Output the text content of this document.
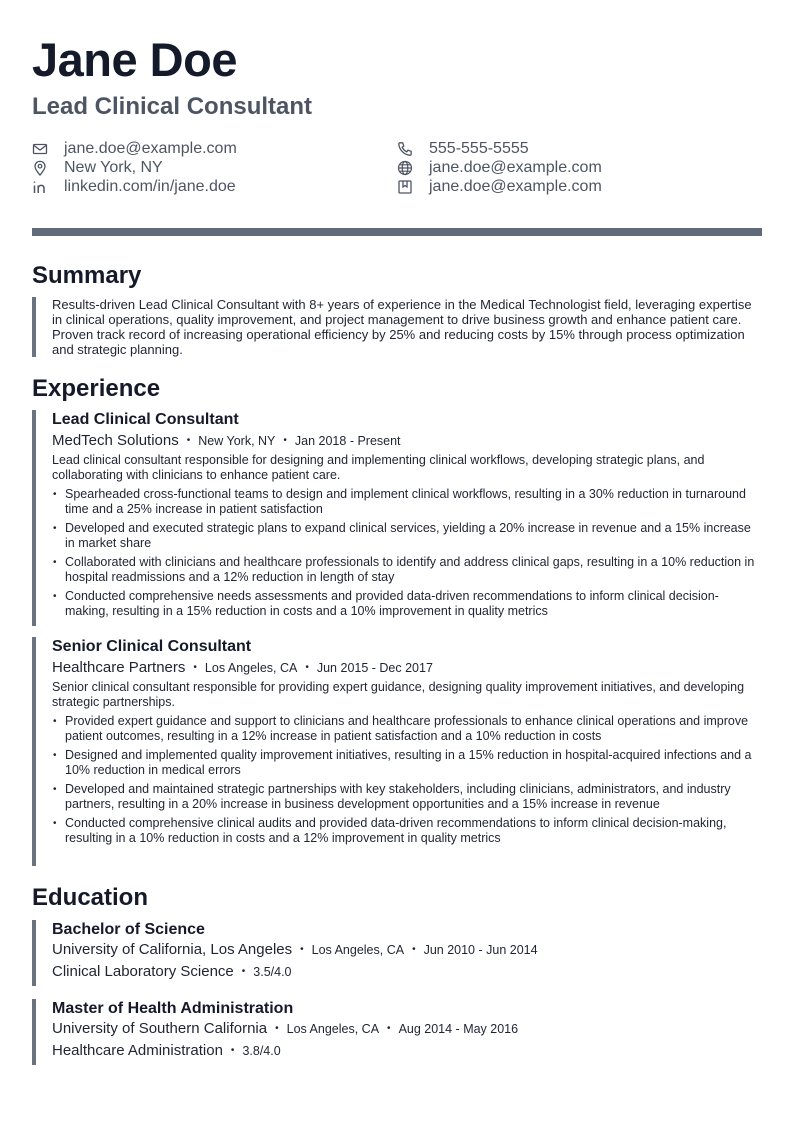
Jane Doe
Lead Clinical Consultant
jane.doe@example.com	555-555-5555
New York, NY	jane.doe@example.com
linkedin.com/in/jane.doe	jane.doe@example.com
Summary
Results-driven Lead Clinical Consultant with 8+ years of experience in the Medical Technologist field, leveraging expertise in clinical operations, quality improvement, and project management to drive business growth and enhance patient care. Proven track record of increasing operational efficiency by 25% and reducing costs by 15% through process optimization and strategic planning.
Experience
Lead Clinical Consultant
MedTech Solutions • New York, NY • Jan 2018 - Present
Lead clinical consultant responsible for designing and implementing clinical workflows, developing strategic plans, and collaborating with clinicians to enhance patient care.
• Spearheaded cross-functional teams to design and implement clinical workflows, resulting in a 30% reduction in turnaround time and a 25% increase in patient satisfaction
• Developed and executed strategic plans to expand clinical services, yielding a 20% increase in revenue and a 15% increase in market share
• Collaborated with clinicians and healthcare professionals to identify and address clinical gaps, resulting in a 10% reduction in hospital readmissions and a 12% reduction in length of stay
• Conducted comprehensive needs assessments and provided data-driven recommendations to inform clinical decision-making, resulting in a 15% reduction in costs and a 10% improvement in quality metrics
Senior Clinical Consultant
Healthcare Partners • Los Angeles, CA • Jun 2015 - Dec 2017
Senior clinical consultant responsible for providing expert guidance, designing quality improvement initiatives, and developing strategic partnerships.
• Provided expert guidance and support to clinicians and healthcare professionals to enhance clinical operations and improve patient outcomes, resulting in a 12% increase in patient satisfaction and a 10% reduction in costs
• Designed and implemented quality improvement initiatives, resulting in a 15% reduction in hospital-acquired infections and a 10% reduction in medical errors
• Developed and maintained strategic partnerships with key stakeholders, including clinicians, administrators, and industry partners, resulting in a 20% increase in business development opportunities and a 15% increase in revenue
• Conducted comprehensive clinical audits and provided data-driven recommendations to inform clinical decision-making, resulting in a 10% reduction in costs and a 12% improvement in quality metrics
Education
Bachelor of Science
University of California, Los Angeles • Los Angeles, CA • Jun 2010 - Jun 2014
Clinical Laboratory Science • 3.5/4.0
Master of Health Administration
University of Southern California • Los Angeles, CA • Aug 2014 - May 2016
Healthcare Administration • 3.8/4.0
